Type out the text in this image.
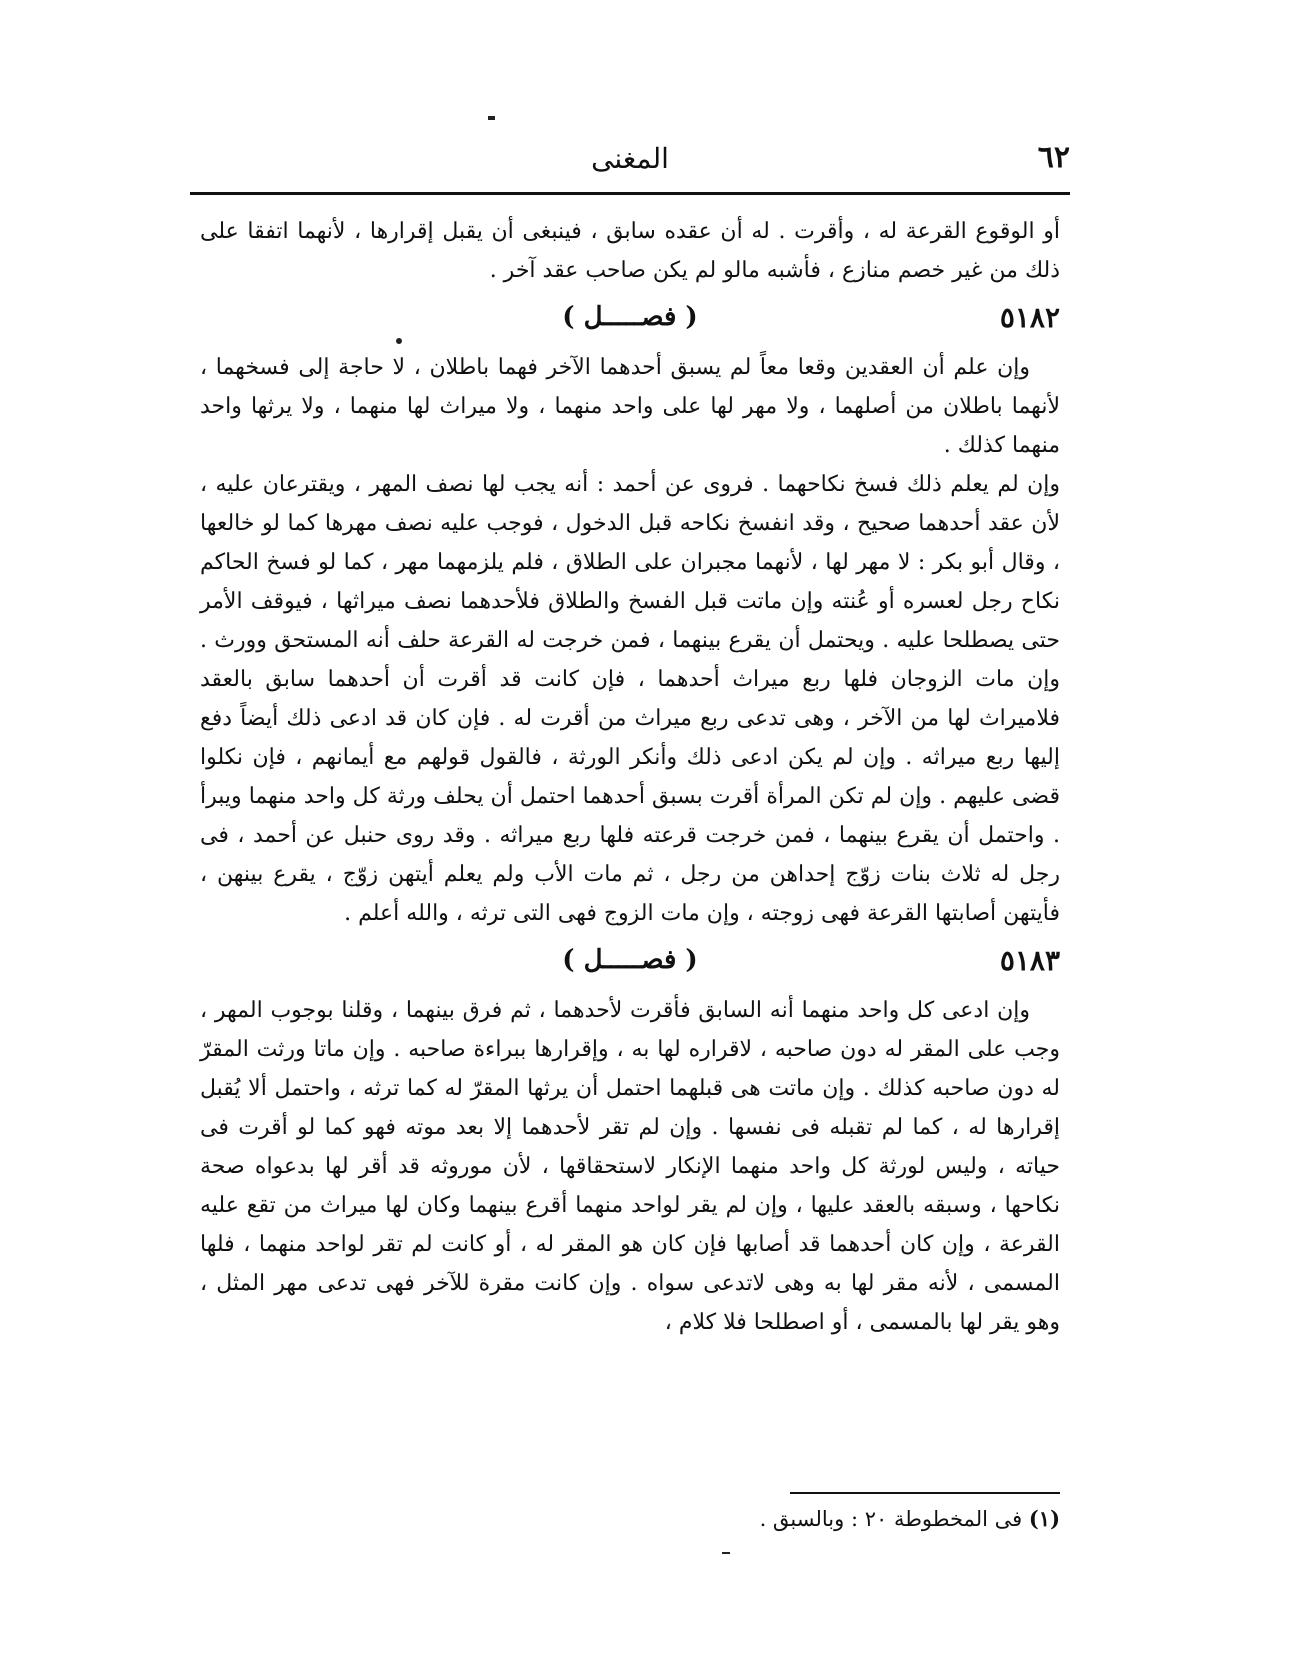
٦٢
المغنى

أو الوقوع القرعة له ، وأقرت . له أن عقده سابق ، فينبغى أن يقبل إقرارها ، لأنهما اتفقا على ذلك من غير خصم منازع ، فأشبه مالو لم يكن صاحب عقد آخر .

٥١٨٢
( فصـــــل )

وإن علم أن العقدين وقعا معاً لم يسبق أحدهما الآخر فهما باطلان ، لا حاجة إلى فسخهما ، لأنهما باطلان من أصلهما ، ولا مهر لها على واحد منهما ، ولا ميراث لها منهما ، ولا يرثها واحد منهما كذلك .

وإن لم يعلم ذلك فسخ نكاحهما . فروى عن أحمد : أنه يجب لها نصف المهر ، ويقترعان عليه ، لأن عقد أحدهما صحيح ، وقد انفسخ نكاحه قبل الدخول ، فوجب عليه نصف مهرها كما لو خالعها ، وقال أبو بكر : لا مهر لها ، لأنهما مجبران على الطلاق ، فلم يلزمهما مهر ، كما لو فسخ الحاكم نكاح رجل لعسره أو عُنته وإن ماتت قبل الفسخ والطلاق فلأحدهما نصف ميراثها ، فيوقف الأمر حتى يصطلحا عليه . ويحتمل أن يقرع بينهما ، فمن خرجت له القرعة حلف أنه المستحق وورث . وإن مات الزوجان فلها ربع ميراث أحدهما ، فإن كانت قد أقرت أن أحدهما سابق بالعقد فلاميراث لها من الآخر ، وهى تدعى ربع ميراث من أقرت له . فإن كان قد ادعى ذلك أيضاً دفع إليها ربع ميراثه . وإن لم يكن ادعى ذلك وأنكر الورثة ، فالقول قولهم مع أيمانهم ، فإن نكلوا قضى عليهم . وإن لم تكن المرأة أقرت بسبق أحدهما احتمل أن يحلف ورثة كل واحد منهما ويبرأ . واحتمل أن يقرع بينهما ، فمن خرجت قرعته فلها ربع ميراثه . وقد روى حنبل عن أحمد ، فى رجل له ثلاث بنات زوّج إحداهن من رجل ، ثم مات الأب ولم يعلم أيتهن زوّج ، يقرع بينهن ، فأيتهن أصابتها القرعة فهى زوجته ، وإن مات الزوج فهى التى ترثه ، والله أعلم .

٥١٨٣
( فصـــــل )

وإن ادعى كل واحد منهما أنه السابق فأقرت لأحدهما ، ثم فرق بينهما ، وقلنا بوجوب المهر ، وجب على المقر له دون صاحبه ، لاقراره لها به ، وإقرارها ببراءة صاحبه . وإن ماتا ورثت المقرّ له دون صاحبه كذلك . وإن ماتت هى قبلهما احتمل أن يرثها المقرّ له كما ترثه ، واحتمل ألا يُقبل إقرارها له ، كما لم تقبله فى نفسها . وإن لم تقر لأحدهما إلا بعد موته فهو كما لو أقرت فى حياته ، وليس لورثة كل واحد منهما الإنكار لاستحقاقها ، لأن موروثه قد أقر لها بدعواه صحة نكاحها ، وسبقه بالعقد عليها ، وإن لم يقر لواحد منهما أقرع بينهما وكان لها ميراث من تقع عليه القرعة ، وإن كان أحدهما قد أصابها فإن كان هو المقر له ، أو كانت لم تقر لواحد منهما ، فلها المسمى ، لأنه مقر لها به وهى لاتدعى سواه . وإن كانت مقرة للآخر فهى تدعى مهر المثل ، وهو يقر لها بالمسمى ، أو اصطلحا فلا كلام ،

(١) فى المخطوطة ٢٠ : وبالسبق .
